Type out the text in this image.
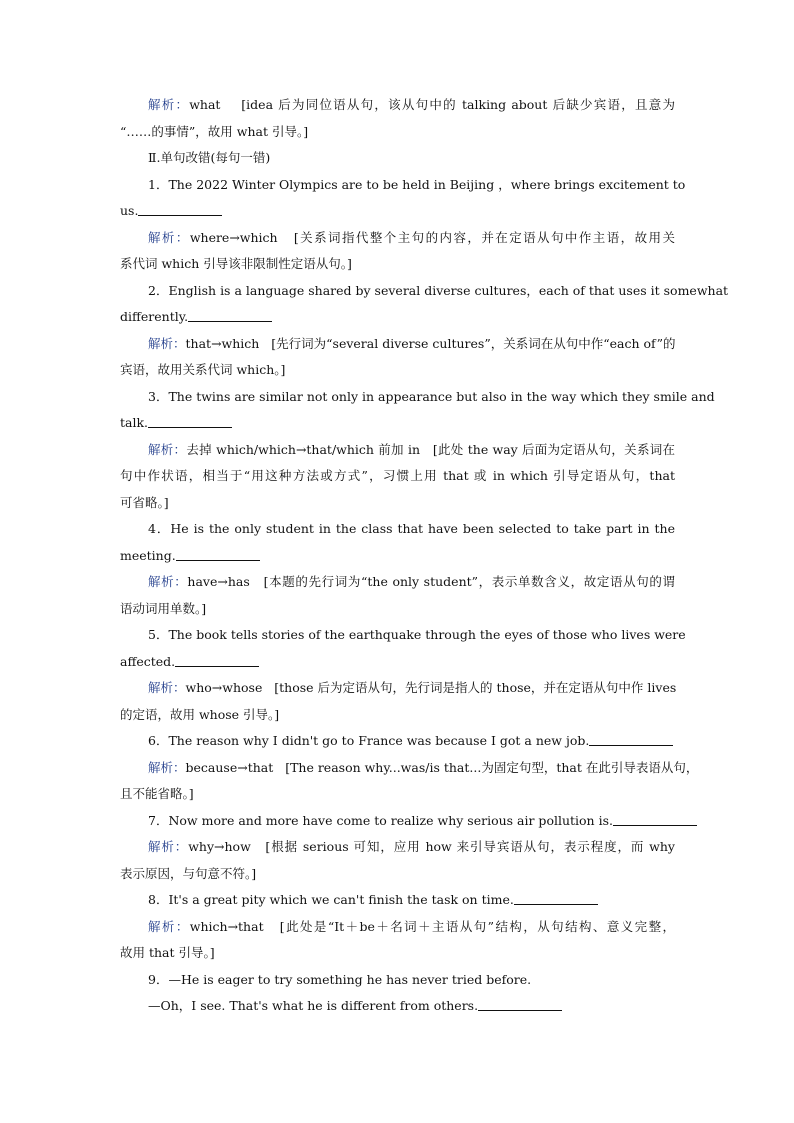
解析：what [idea 后为同位语从句，该从句中的 talking about 后缺少宾语，且意为
“……的事情”，故用 what 引导。]
Ⅱ.单句改错(每句一错)
1．The 2022 Winter Olympics are to be held in Beijing ，where brings excitement to
us.
解析：where→which [关系词指代整个主句的内容，并在定语从句中作主语，故用关
系代词 which 引导该非限制性定语从句。]
2．English is a language shared by several diverse cultures，each of that uses it somewhat
differently.
解析：that→which [先行词为“several diverse cultures”，关系词在从句中作“each of”的
宾语，故用关系代词 which。]
3．The twins are similar not only in appearance but also in the way which they smile and
talk.
解析：去掉 which/which→that/which 前加 in [此处 the way 后面为定语从句，关系词在
句中作状语，相当于“用这种方法或方式”，习惯上用 that 或 in which 引导定语从句，that
可省略。]
4．He is the only student in the class that have been selected to take part in the
meeting.
解析：have→has [本题的先行词为“the only student”，表示单数含义，故定语从句的谓
语动词用单数。]
5．The book tells stories of the earthquake through the eyes of those who lives were
affected.
解析：who→whose [those 后为定语从句，先行词是指人的 those，并在定语从句中作 lives
的定语，故用 whose 引导。]
6．The reason why I didn't go to France was because I got a new job.
解析：because→that [The reason why...was/is that...为固定句型，that 在此引导表语从句，
且不能省略。]
7．Now more and more have come to realize why serious air pollution is.
解析：why→how [根据 serious 可知，应用 how 来引导宾语从句，表示程度，而 why
表示原因，与句意不符。]
8．It's a great pity which we can't finish the task on time.
解析：which→that [此处是“It＋be＋名词＋主语从句”结构，从句结构、意义完整，
故用 that 引导。]
9．—He is eager to try something he has never tried before.
—Oh，I see. That's what he is different from others.
